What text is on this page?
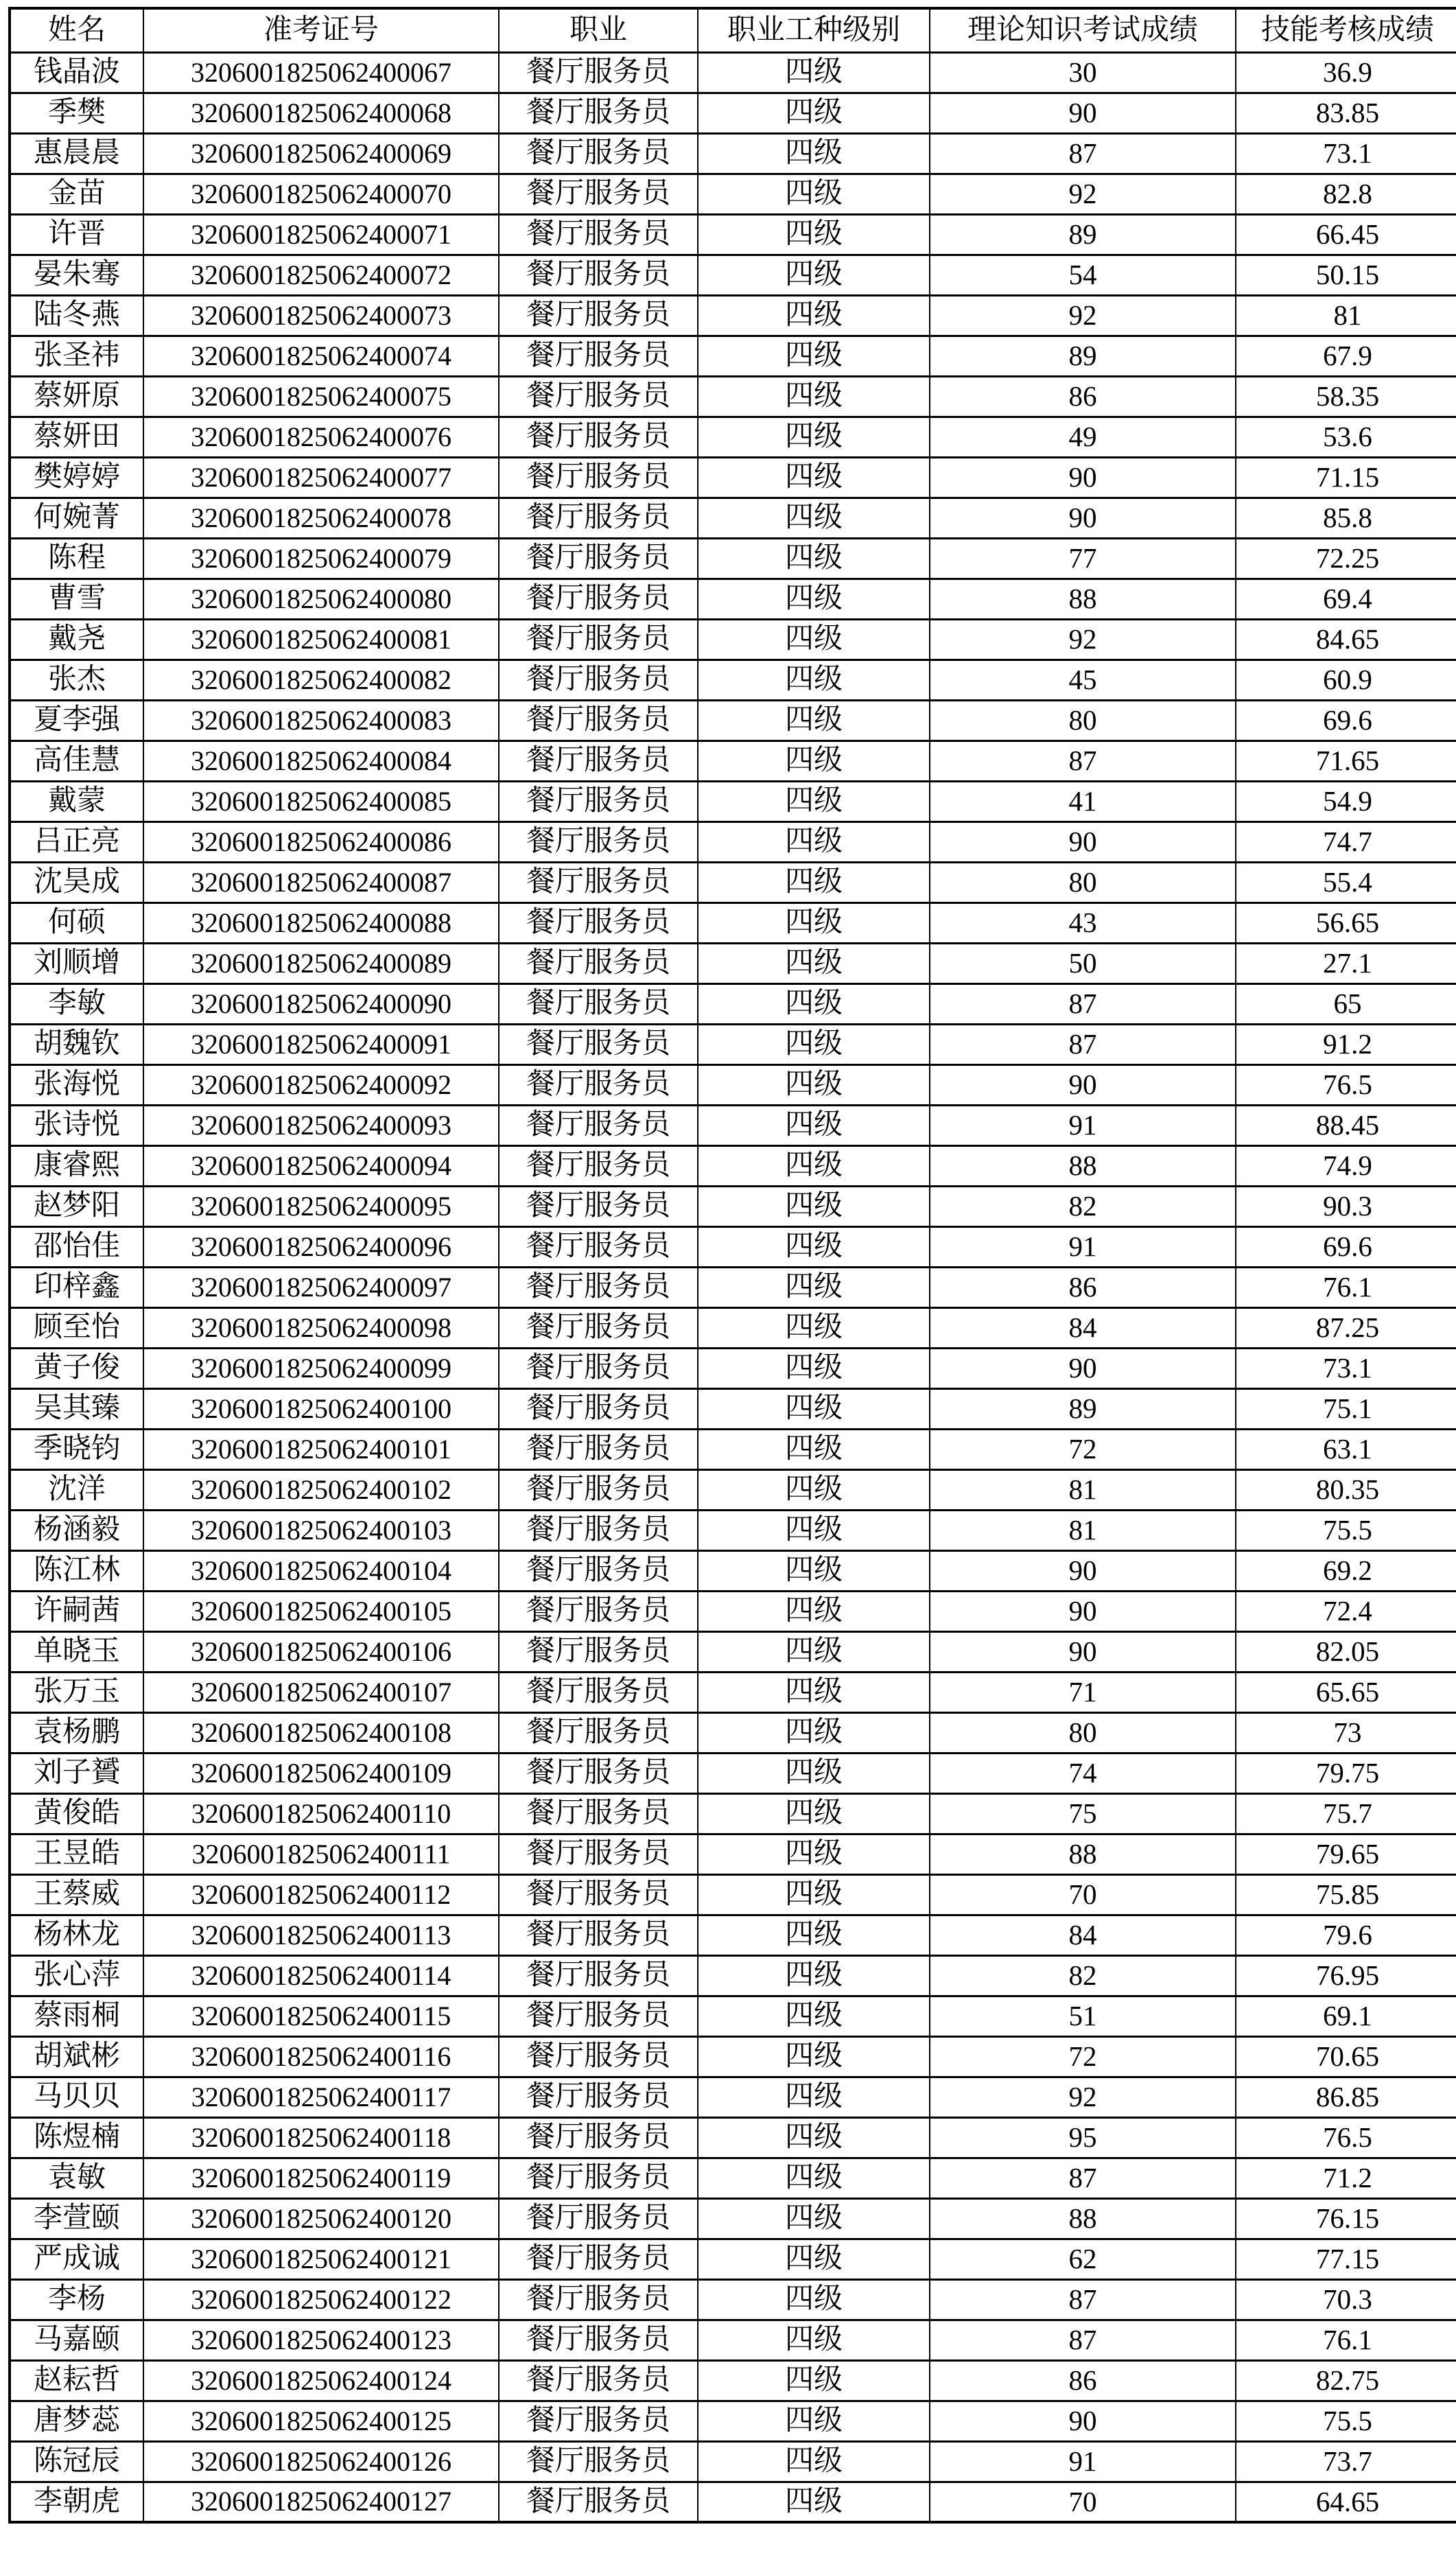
姓名	准考证号	职业	职业工种级别	理论知识考试成绩	技能考核成绩
钱晶波	3206001825062400067	餐厅服务员	四级	30	36.9
季樊	3206001825062400068	餐厅服务员	四级	90	83.85
惠晨晨	3206001825062400069	餐厅服务员	四级	87	73.1
金苗	3206001825062400070	餐厅服务员	四级	92	82.8
许晋	3206001825062400071	餐厅服务员	四级	89	66.45
晏朱骞	3206001825062400072	餐厅服务员	四级	54	50.15
陆冬燕	3206001825062400073	餐厅服务员	四级	92	81
张圣祎	3206001825062400074	餐厅服务员	四级	89	67.9
蔡妍原	3206001825062400075	餐厅服务员	四级	86	58.35
蔡妍田	3206001825062400076	餐厅服务员	四级	49	53.6
樊婷婷	3206001825062400077	餐厅服务员	四级	90	71.15
何婉菁	3206001825062400078	餐厅服务员	四级	90	85.8
陈程	3206001825062400079	餐厅服务员	四级	77	72.25
曹雪	3206001825062400080	餐厅服务员	四级	88	69.4
戴尧	3206001825062400081	餐厅服务员	四级	92	84.65
张杰	3206001825062400082	餐厅服务员	四级	45	60.9
夏李强	3206001825062400083	餐厅服务员	四级	80	69.6
高佳慧	3206001825062400084	餐厅服务员	四级	87	71.65
戴蒙	3206001825062400085	餐厅服务员	四级	41	54.9
吕正亮	3206001825062400086	餐厅服务员	四级	90	74.7
沈昊成	3206001825062400087	餐厅服务员	四级	80	55.4
何硕	3206001825062400088	餐厅服务员	四级	43	56.65
刘顺增	3206001825062400089	餐厅服务员	四级	50	27.1
李敏	3206001825062400090	餐厅服务员	四级	87	65
胡魏钦	3206001825062400091	餐厅服务员	四级	87	91.2
张海悦	3206001825062400092	餐厅服务员	四级	90	76.5
张诗悦	3206001825062400093	餐厅服务员	四级	91	88.45
康睿熙	3206001825062400094	餐厅服务员	四级	88	74.9
赵梦阳	3206001825062400095	餐厅服务员	四级	82	90.3
邵怡佳	3206001825062400096	餐厅服务员	四级	91	69.6
印梓鑫	3206001825062400097	餐厅服务员	四级	86	76.1
顾至怡	3206001825062400098	餐厅服务员	四级	84	87.25
黄子俊	3206001825062400099	餐厅服务员	四级	90	73.1
吴其臻	3206001825062400100	餐厅服务员	四级	89	75.1
季晓钧	3206001825062400101	餐厅服务员	四级	72	63.1
沈洋	3206001825062400102	餐厅服务员	四级	81	80.35
杨涵毅	3206001825062400103	餐厅服务员	四级	81	75.5
陈江林	3206001825062400104	餐厅服务员	四级	90	69.2
许嗣茜	3206001825062400105	餐厅服务员	四级	90	72.4
单晓玉	3206001825062400106	餐厅服务员	四级	90	82.05
张万玉	3206001825062400107	餐厅服务员	四级	71	65.65
袁杨鹏	3206001825062400108	餐厅服务员	四级	80	73
刘子贇	3206001825062400109	餐厅服务员	四级	74	79.75
黄俊皓	3206001825062400110	餐厅服务员	四级	75	75.7
王昱皓	3206001825062400111	餐厅服务员	四级	88	79.65
王蔡威	3206001825062400112	餐厅服务员	四级	70	75.85
杨林龙	3206001825062400113	餐厅服务员	四级	84	79.6
张心萍	3206001825062400114	餐厅服务员	四级	82	76.95
蔡雨桐	3206001825062400115	餐厅服务员	四级	51	69.1
胡斌彬	3206001825062400116	餐厅服务员	四级	72	70.65
马贝贝	3206001825062400117	餐厅服务员	四级	92	86.85
陈煜楠	3206001825062400118	餐厅服务员	四级	95	76.5
袁敏	3206001825062400119	餐厅服务员	四级	87	71.2
李萱颐	3206001825062400120	餐厅服务员	四级	88	76.15
严成诚	3206001825062400121	餐厅服务员	四级	62	77.15
李杨	3206001825062400122	餐厅服务员	四级	87	70.3
马嘉颐	3206001825062400123	餐厅服务员	四级	87	76.1
赵耘哲	3206001825062400124	餐厅服务员	四级	86	82.75
唐梦蕊	3206001825062400125	餐厅服务员	四级	90	75.5
陈冠辰	3206001825062400126	餐厅服务员	四级	91	73.7
李朝虎	3206001825062400127	餐厅服务员	四级	70	64.65
